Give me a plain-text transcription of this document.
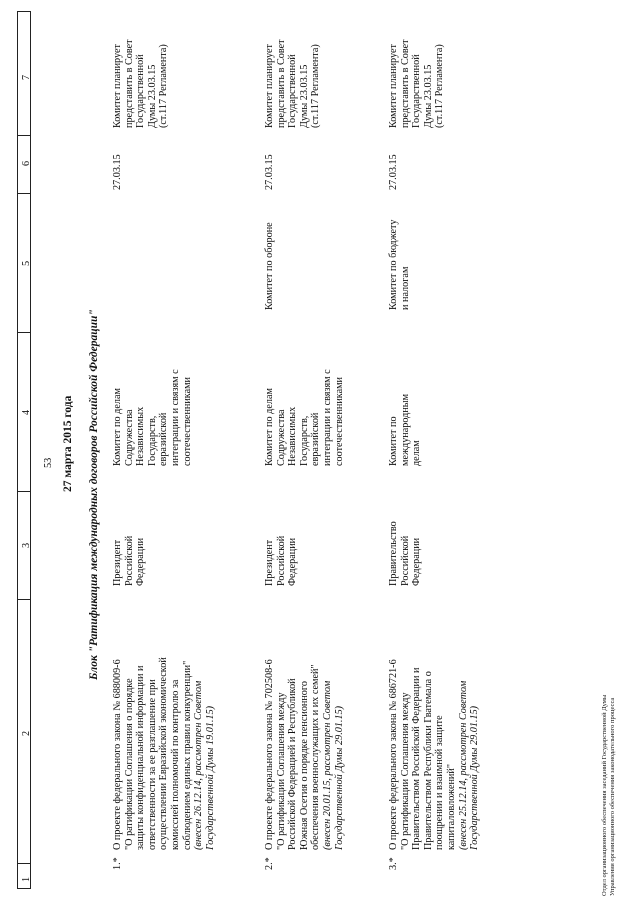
1
2
3
4
5
6
7
53 27 марта 2015 года Блок "Ратификация международных договоров Российской Федерации"
1.*
О проекте федерального закона № 688009-6 "О ратификации Соглашения о порядке защиты конфиденциальной информации и ответственности за ее разглашение при осуществлении Евразийской экономической комиссией полномочий по контролю за соблюдением единых правил конкуренции" (внесен 26.12.14, рассмотрен Советом Государственной Думы 19.01.15)
Президент Российской Федерации
Комитет по делам Содружества Независимых Государств, евразийской интеграции и связям с соотечественниками
27.03.15
Комитет планирует представить в Совет Государственной Думы 23.03.15 (ст.117 Регламента)
2.*
О проекте федерального закона № 702508-6 "О ратификации Соглашения между Российской Федерацией и Республикой Южная Осетия о порядке пенсионного обеспечения военнослужащих и их семей" (внесен 20.01.15, рассмотрен Советом Государственной Думы 29.01.15)
Президент Российской Федерации
Комитет по делам Содружества Независимых Государств, евразийской интеграции и связям с соотечественниками
Комитет по обороне
27.03.15
Комитет планирует представить в Совет Государственной Думы 23.03.15 (ст.117 Регламента)
3.*
О проекте федерального закона № 686721-6 "О ратификации Соглашения между Правительством Российской Федерации и Правительством Республики Гватемала о поощрении и взаимной защите капиталовложений" (внесен 25.12.14, рассмотрен Советом Государственной Думы 29.01.15)
Правительство Российской Федерации
Комитет по международным делам
Комитет по бюджету и налогам
27.03.15
Комитет планирует представить в Совет Государственной Думы 23.03.15 (ст.117 Регламента)
Отдел организационного обеспечения заседаний Государственной Думы Управления организационного обеспечения законодательного процесса
